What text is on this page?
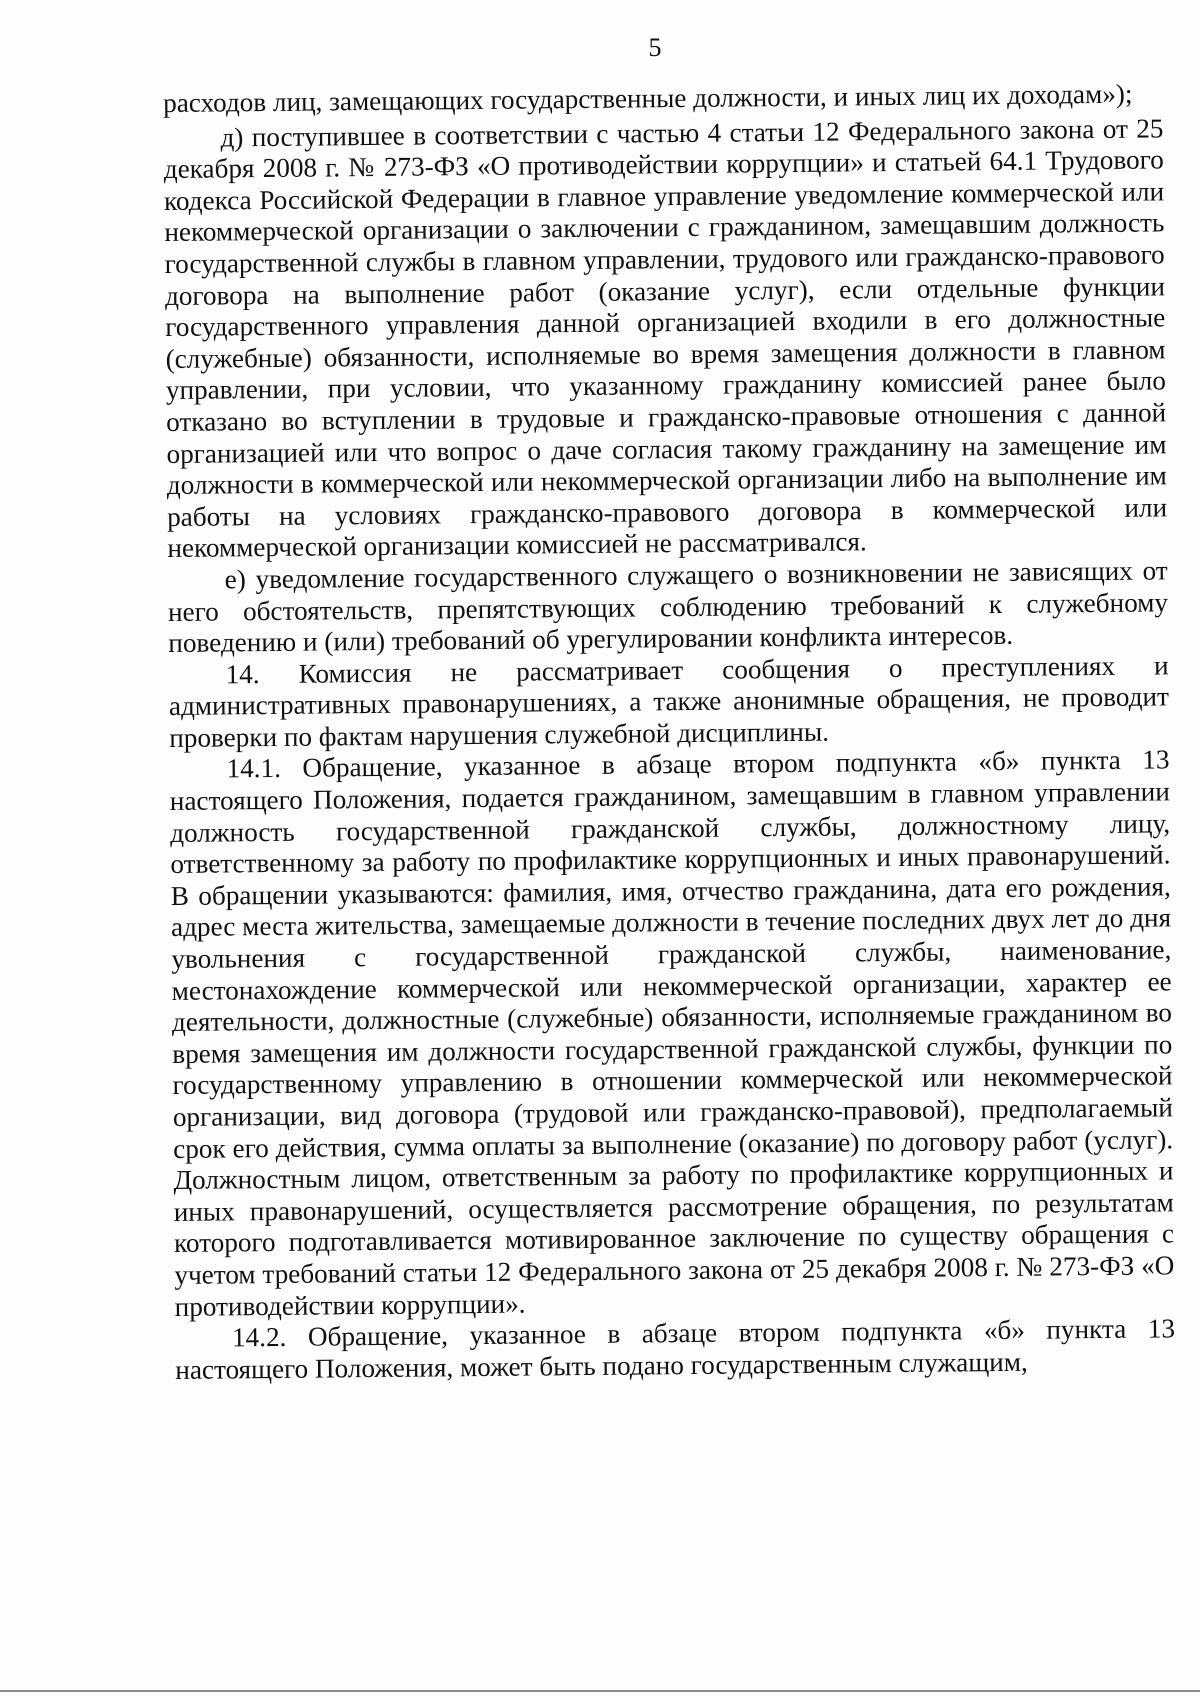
5

расходов лиц, замещающих государственные должности, и иных лиц их доходам»);

д) поступившее в соответствии с частью 4 статьи 12 Федерального закона от 25 декабря 2008 г. № 273-ФЗ «О противодействии коррупции» и статьей 64.1 Трудового кодекса Российской Федерации в главное управление уведомление коммерческой или некоммерческой организации о заключении с гражданином, замещавшим должность государственной службы в главном управлении, трудового или гражданско-правового договора на выполнение работ (оказание услуг), если отдельные функции государственного управления данной организацией входили в его должностные (служебные) обязанности, исполняемые во время замещения должности в главном управлении, при условии, что указанному гражданину комиссией ранее было отказано во вступлении в трудовые и гражданско-правовые отношения с данной организацией или что вопрос о даче согласия такому гражданину на замещение им должности в коммерческой или некоммерческой организации либо на выполнение им работы на условиях гражданско-правового договора в коммерческой или некоммерческой организации комиссией не рассматривался.

е) уведомление государственного служащего о возникновении не зависящих от него обстоятельств, препятствующих соблюдению требований к служебному поведению и (или) требований об урегулировании конфликта интересов.

14. Комиссия не рассматривает сообщения о преступлениях и административных правонарушениях, а также анонимные обращения, не проводит проверки по фактам нарушения служебной дисциплины.

14.1. Обращение, указанное в абзаце втором подпункта «б» пункта 13 настоящего Положения, подается гражданином, замещавшим в главном управлении должность государственной гражданской службы, должностному лицу, ответственному за работу по профилактике коррупционных и иных правонарушений. В обращении указываются: фамилия, имя, отчество гражданина, дата его рождения, адрес места жительства, замещаемые должности в течение последних двух лет до дня увольнения с государственной гражданской службы, наименование, местонахождение коммерческой или некоммерческой организации, характер ее деятельности, должностные (служебные) обязанности, исполняемые гражданином во время замещения им должности государственной гражданской службы, функции по государственному управлению в отношении коммерческой или некоммерческой организации, вид договора (трудовой или гражданско-правовой), предполагаемый срок его действия, сумма оплаты за выполнение (оказание) по договору работ (услуг). Должностным лицом, ответственным за работу по профилактике коррупционных и иных правонарушений, осуществляется рассмотрение обращения, по результатам которого подготавливается мотивированное заключение по существу обращения с учетом требований статьи 12 Федерального закона от 25 декабря 2008 г. № 273-ФЗ «О противодействии коррупции».

14.2. Обращение, указанное в абзаце втором подпункта «б» пункта 13 настоящего Положения, может быть подано государственным служащим,
